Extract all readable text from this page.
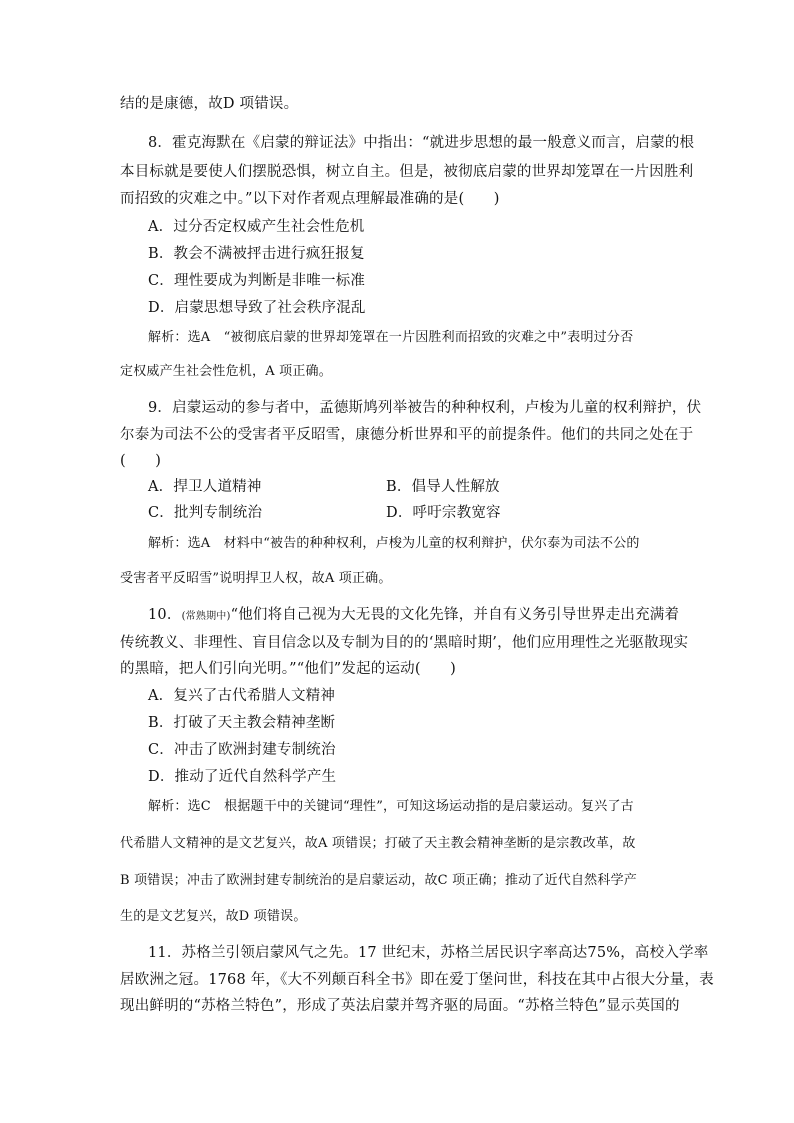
结的是康德，故D 项错误。
8．霍克海默在《启蒙的辩证法》中指出：“就进步思想的最一般意义而言，启蒙的根
本目标就是要使人们摆脱恐惧，树立自主。但是，被彻底启蒙的世界却笼罩在一片因胜利
而招致的灾难之中。”以下对作者观点理解最准确的是(　　)
A．过分否定权威产生社会性危机
B．教会不满被抨击进行疯狂报复
C．理性要成为判断是非唯一标准
D．启蒙思想导致了社会秩序混乱
解析：选A　“被彻底启蒙的世界却笼罩在一片因胜利而招致的灾难之中”表明过分否
定权威产生社会性危机，A 项正确。
9．启蒙运动的参与者中，孟德斯鸠列举被告的种种权利，卢梭为儿童的权利辩护，伏
尔泰为司法不公的受害者平反昭雪，康德分析世界和平的前提条件。他们的共同之处在于
(　　)
A．捍卫人道精神	B．倡导人性解放
C．批判专制统治	D．呼吁宗教宽容
解析：选A　材料中“被告的种种权利，卢梭为儿童的权利辩护，伏尔泰为司法不公的
受害者平反昭雪”说明捍卫人权，故A 项正确。
10．(常熟期中)“他们将自己视为大无畏的文化先锋，并自有义务引导世界走出充满着
传统教义、非理性、盲目信念以及专制为目的的‘黑暗时期’，他们应用理性之光驱散现实
的黑暗，把人们引向光明。”“他们”发起的运动(　　)
A．复兴了古代希腊人文精神
B．打破了天主教会精神垄断
C．冲击了欧洲封建专制统治
D．推动了近代自然科学产生
解析：选C　根据题干中的关键词“理性”，可知这场运动指的是启蒙运动。复兴了古
代希腊人文精神的是文艺复兴，故A 项错误；打破了天主教会精神垄断的是宗教改革，故
B 项错误；冲击了欧洲封建专制统治的是启蒙运动，故C 项正确；推动了近代自然科学产
生的是文艺复兴，故D 项错误。
11．苏格兰引领启蒙风气之先。17 世纪末，苏格兰居民识字率高达75%，高校入学率
居欧洲之冠。1768 年，《大不列颠百科全书》即在爱丁堡问世，科技在其中占很大分量，表
现出鲜明的“苏格兰特色”，形成了英法启蒙并驾齐驱的局面。“苏格兰特色”显示英国的
